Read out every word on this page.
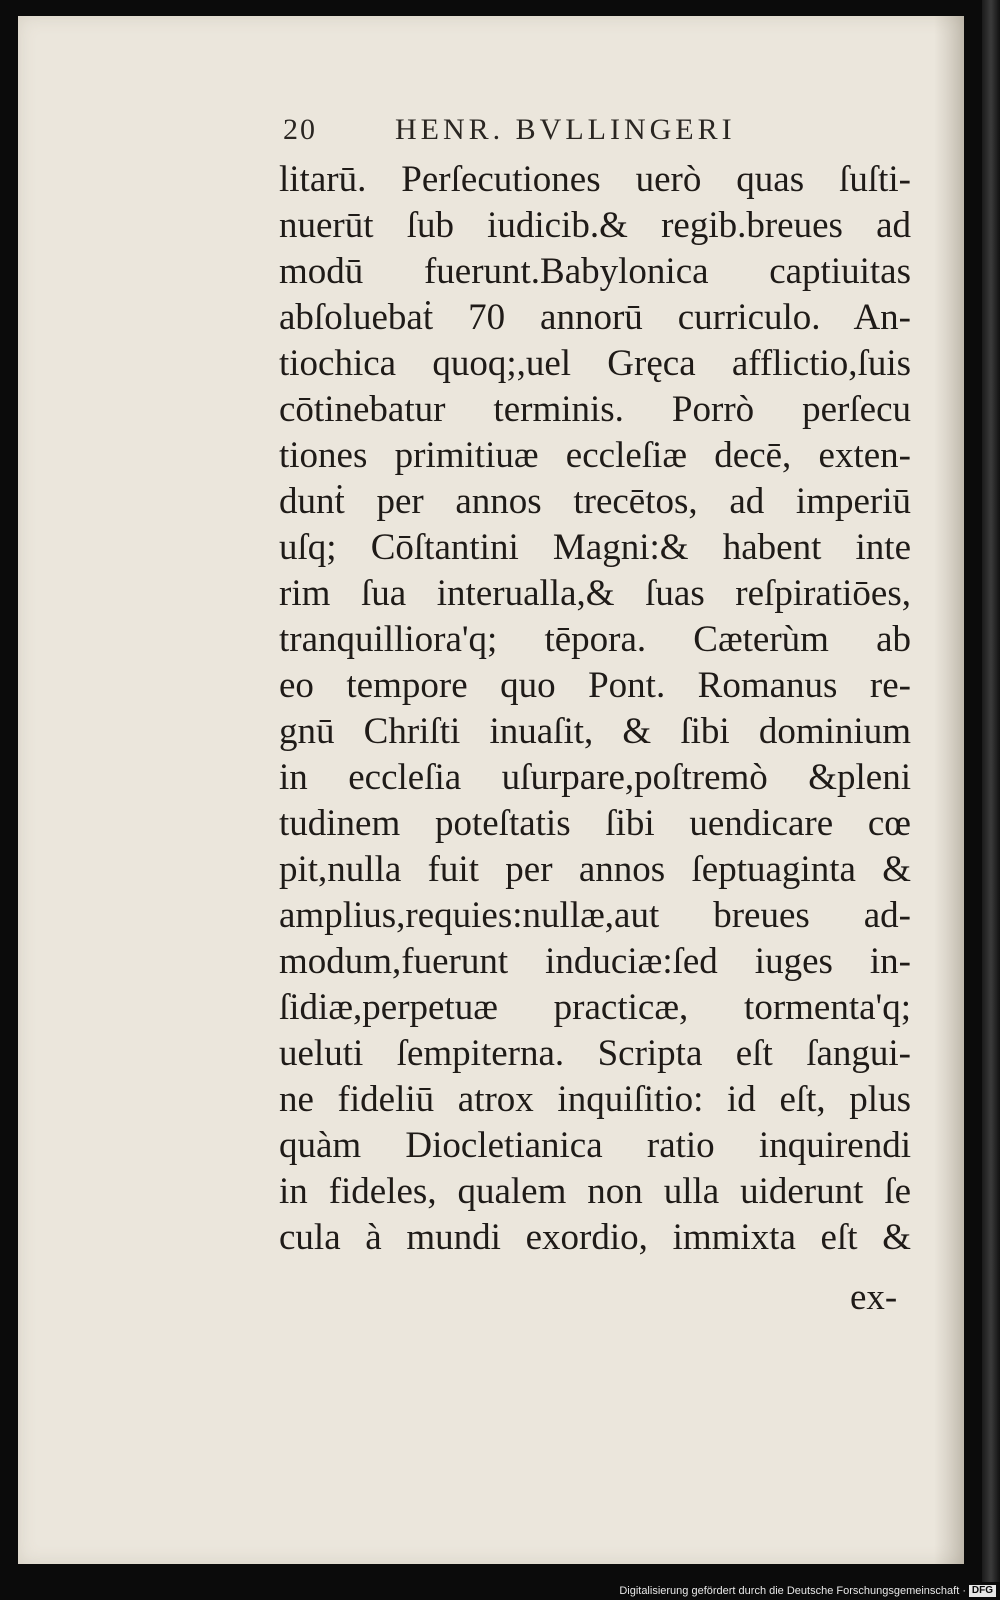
20	HENR. BVLLINGERI
litarū. Perſecutiones uerò quas ſuſti-
nuerūt ſub iudicib.& regib.breues ad
modū fuerunt.Babylonica captiuitas
abſoluebaṫ 70 annorū curriculo. An-
tiochica quoq;,uel Gręca afflictio,ſuis
cōtinebatur terminis. Porrò perſecu
tiones primitiuæ eccleſiæ decē, exten-
dunṫ per annos trecētos, ad imperiū
uſq; Cōſtantini Magni:& habent inte
rim ſua interualla,& ſuas reſpiratiōes,
tranquilliora'q; tēpora. Cæterùm ab
eo tempore quo Pont. Romanus re-
gnū Chriſti inuaſit, & ſibi dominium
in eccleſia uſurpare,poſtremò &pleni
tudinem poteſtatis ſibi uendicare cœ
pit,nulla fuit per annos ſeptuaginta &
amplius,requies:nullæ,aut breues ad-
modum,fuerunt induciæ:ſed iuges in-
ſidiæ,perpetuæ practicæ, tormenta'q;
ueluti ſempiterna. Scripta eſt ſangui-
ne fideliū atrox inquiſitio: id eſt, plus
quàm Diocletianica ratio inquirendi
in fideles, qualem non ulla uiderunt ſe
cula à mundi exordio, immixta eſt &
ex-
Digitalisierung gefördert durch die Deutsche Forschungsgemeinschaft · DFG
